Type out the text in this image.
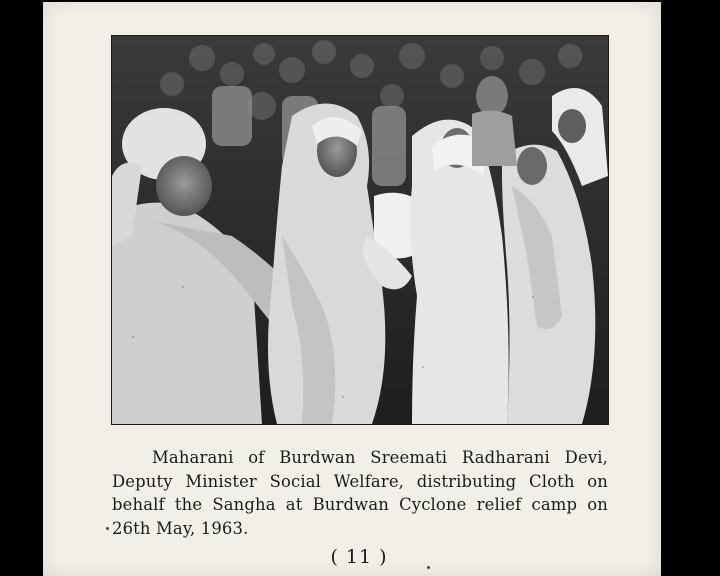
Maharani of Burdwan Sreemati Radharani Devi,
Deputy Minister Social Welfare, distributing Cloth on
behalf the Sangha at Burdwan Cyclone relief camp on
26th May, 1963.
( 11 )
